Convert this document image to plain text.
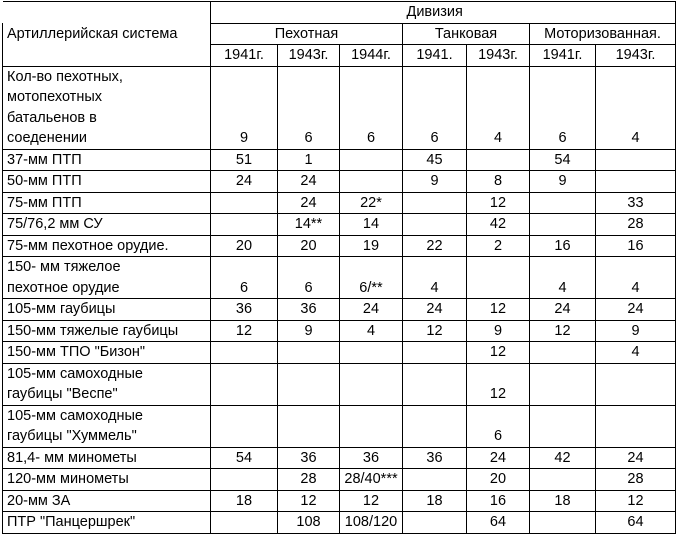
				Дивизия			
Артиллерийская система	Пехотная			Танковая		Моторизованная.	
	1941г.	1943г.	1944г.	1941.	1943г.	1941г.	1943г.

Кол-во пехотных,
мотопехотных
батальенов в
соеденении	9	6	6	6	4	6	4

37-мм ПТП	51	1		45		54	

50-мм ПТП	24	24		9	8	9	

75-мм ПТП		24	22*		12		33

75/76,2 мм СУ		14**	14		42		28

75-мм пехотное орудие.	20	20	19	22	2	16	16

150- мм тяжелое
пехотное орудие	6	6	6/**	4		4	4

105-мм гаубицы	36	36	24	24	12	24	24

150-мм тяжелые гаубицы	12	9	4	12	9	12	9

150-мм ТПО "Бизон"					12		4

105-мм самоходные
гаубицы "Веспе"					12		

105-мм самоходные
гаубицы "Хуммель"					6		

81,4- мм минометы	54	36	36	36	24	42	24

120-мм минометы		28	28/40***		20		28

20-мм ЗА	18	12	12	18	16	18	12

ПТР "Панцершрек"		108	108/120		64		64
